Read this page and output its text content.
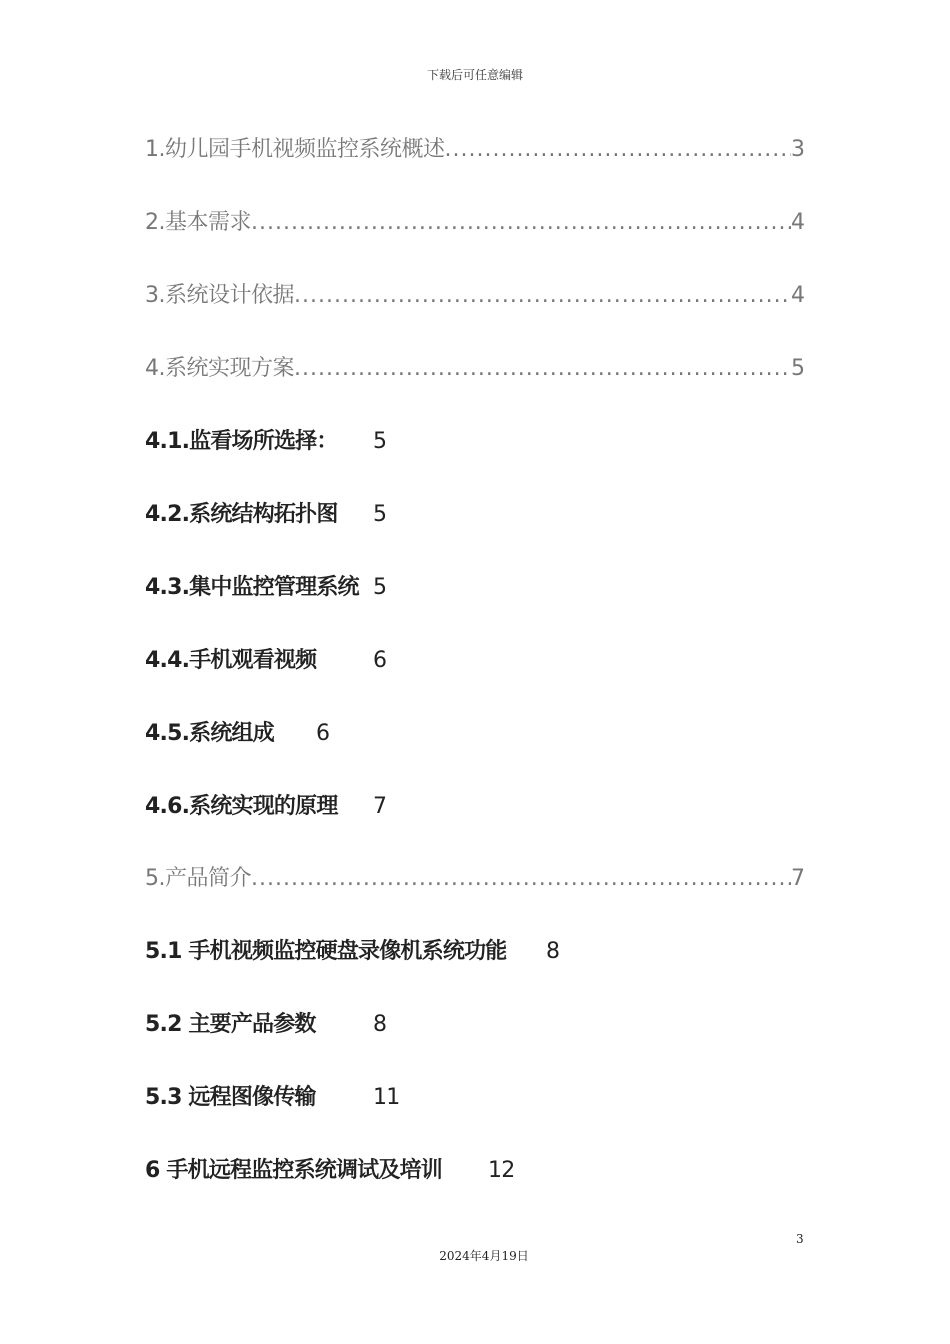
下载后可任意编辑
1.幼儿园手机视频监控系统概述 .....	3
2.基本需求 .....	4
3.系统设计依据 .....	4
4.系统实现方案 .....	5
4.1.监看场所选择： 5
4.2.系统结构拓扑图 5
4.3.集中监控管理系统 5
4.4.手机观看视频	6
4.5.系统组成 6
4.6.系统实现的原理 7
5.产品简介 .....	7
5.1 手机视频监控硬盘录像机系统功能 8
5.2 主要产品参数	8
5.3 远程图像传输	11
6 手机远程监控系统调试及培训 12
3
2024年4月19日
